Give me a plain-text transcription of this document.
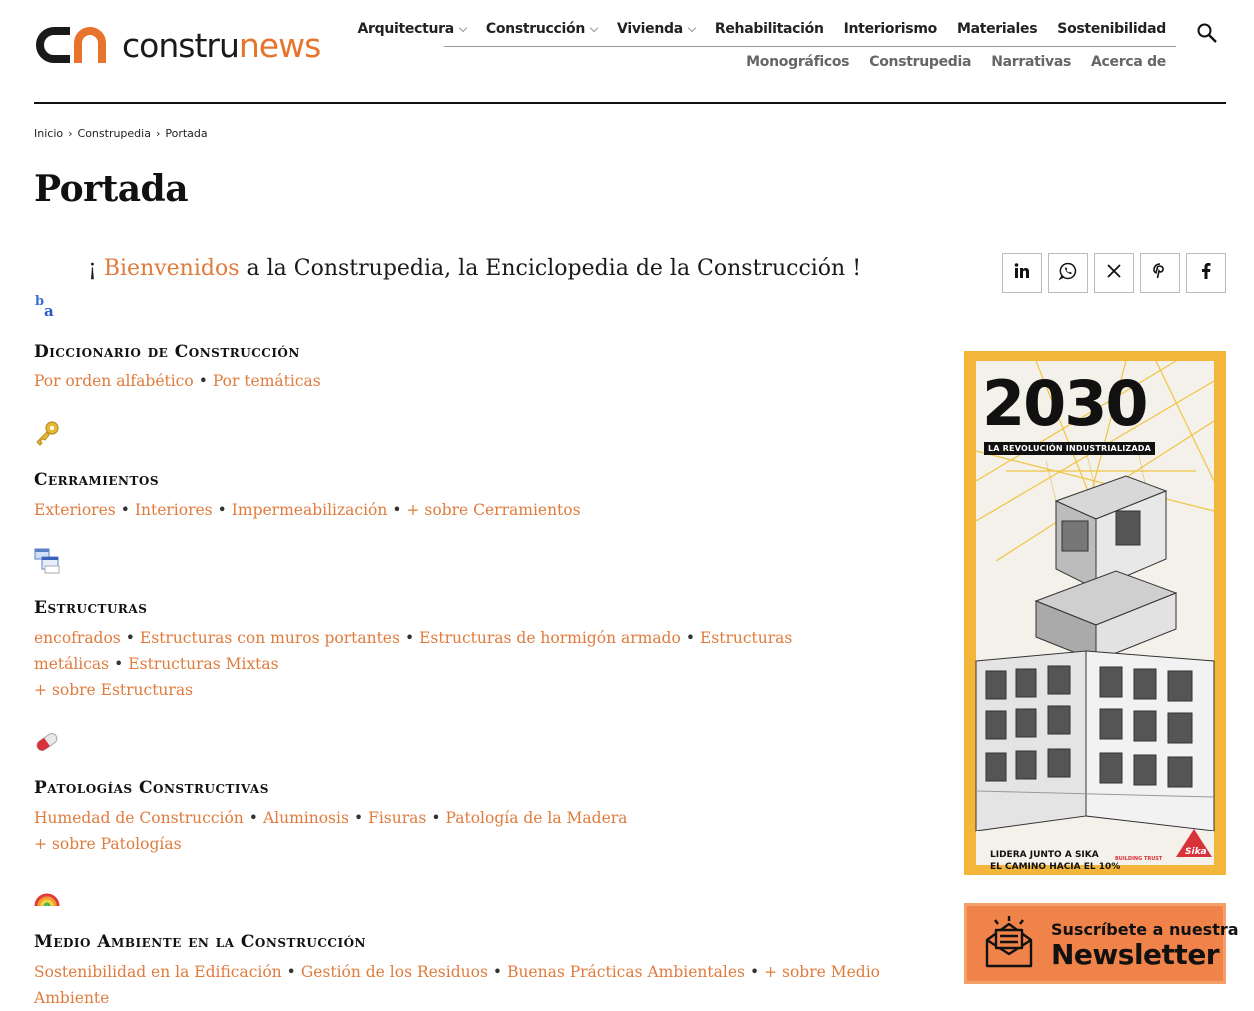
construnews	Arquitectura Construcción Vivienda Rehabilitación Interiorismo Materiales Sostenibilidad
Monográficos Construpedia Narrativas Acerca de
Inicio › Construpedia › Portada
Portada
¡ Bienvenidos a la Construpedia, la Enciclopedia de la Construcción !
b
a
Diccionario de Construcción
Cerramientos
Estructuras
Patologías Constructivas
Medio Ambiente en la Construcción
Por orden alfabético • Por temáticas
Exteriores • Interiores • Impermeabilización • + sobre Cerramientos
encofrados • Estructuras con muros portantes • Estructuras de hormigón armado • Estructuras metálicas • Estructuras Mixtas
+ sobre Estructuras
Humedad de Construcción • Aluminosis • Fisuras • Patología de la Madera
+ sobre Patologías
Sostenibilidad en la Edificación • Gestión de los Residuos • Buenas Prácticas Ambientales • + sobre Medio Ambiente
2030
LA REVOLUCIÓN INDUSTRIALIZADA
LIDERA JUNTO A SIKA
EL CAMINO HACIA EL 10%
BUILDING TRUST
Sika
Suscríbete a nuestra
Newsletter
